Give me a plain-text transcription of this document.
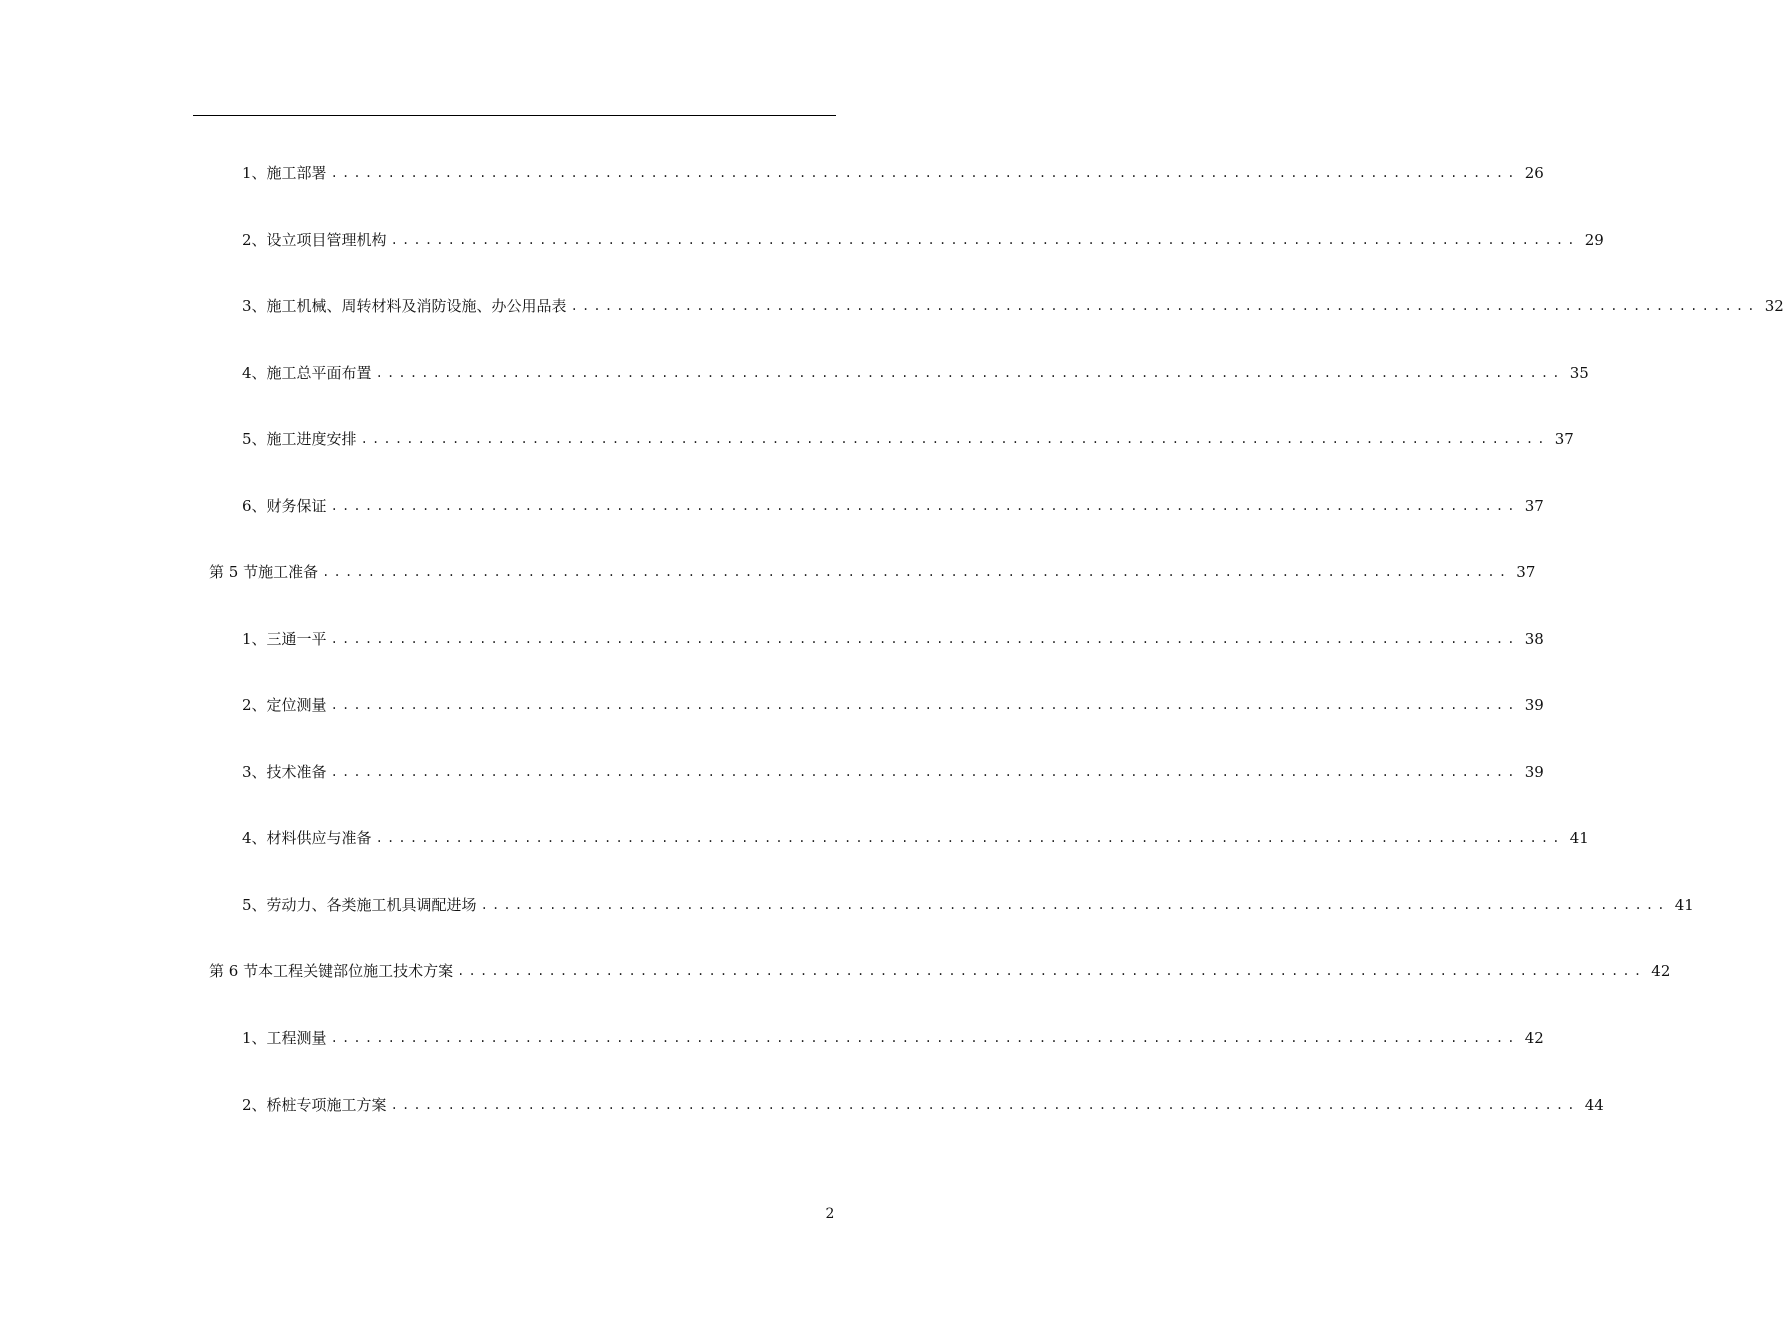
1、 施工部署 ........................................................................................................ 26
2、 设立项目管理机构 ........................................................................................................ 29
3、 施工机械、周转材料及消防设施、办公用品表 ........................................................................................................ 32
4、 施工总平面布置 ........................................................................................................ 35
5、 施工进度安排 ........................................................................................................ 37
6、 财务保证 ........................................................................................................ 37
第 5 节 施工准备 ........................................................................................................ 37
1、 三通一平 ........................................................................................................ 38
2、 定位测量 ........................................................................................................ 39
3、 技术准备 ........................................................................................................ 39
4、 材料供应与准备 ........................................................................................................ 41
5、 劳动力、各类施工机具调配进场 ........................................................................................................ 41
第 6 节 本工程关键部位施工技术方案 ........................................................................................................ 42
1、 工程测量 ........................................................................................................ 42
2、 桥桩专项施工方案 ........................................................................................................ 44
2
